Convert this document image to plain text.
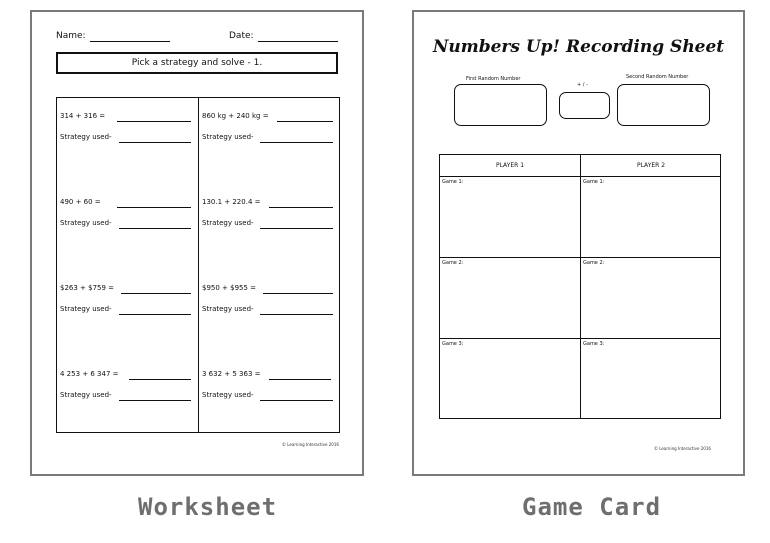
Name:	Date:
Pick a strategy and solve - 1.
314 + 316 =
Strategy used-
860 kg + 240 kg =
Strategy used-
490 + 60 =
Strategy used-
130.1 + 220.4 =
Strategy used-
$263 + $759 =
Strategy used-
$950 + $955 =
Strategy used-
4 253 + 6 347 =
Strategy used-
3 632 + 5 363 =
Strategy used-
© Learning Interactive 2016
Numbers Up! Recording Sheet
First Random Number
+ / -
Second Random Number
PLAYER 1	PLAYER 2
Game 1:	Game 1:
Game 2:	Game 2:
Game 3:	Game 3:
© Learning Interactive 2016
Worksheet	Game Card
